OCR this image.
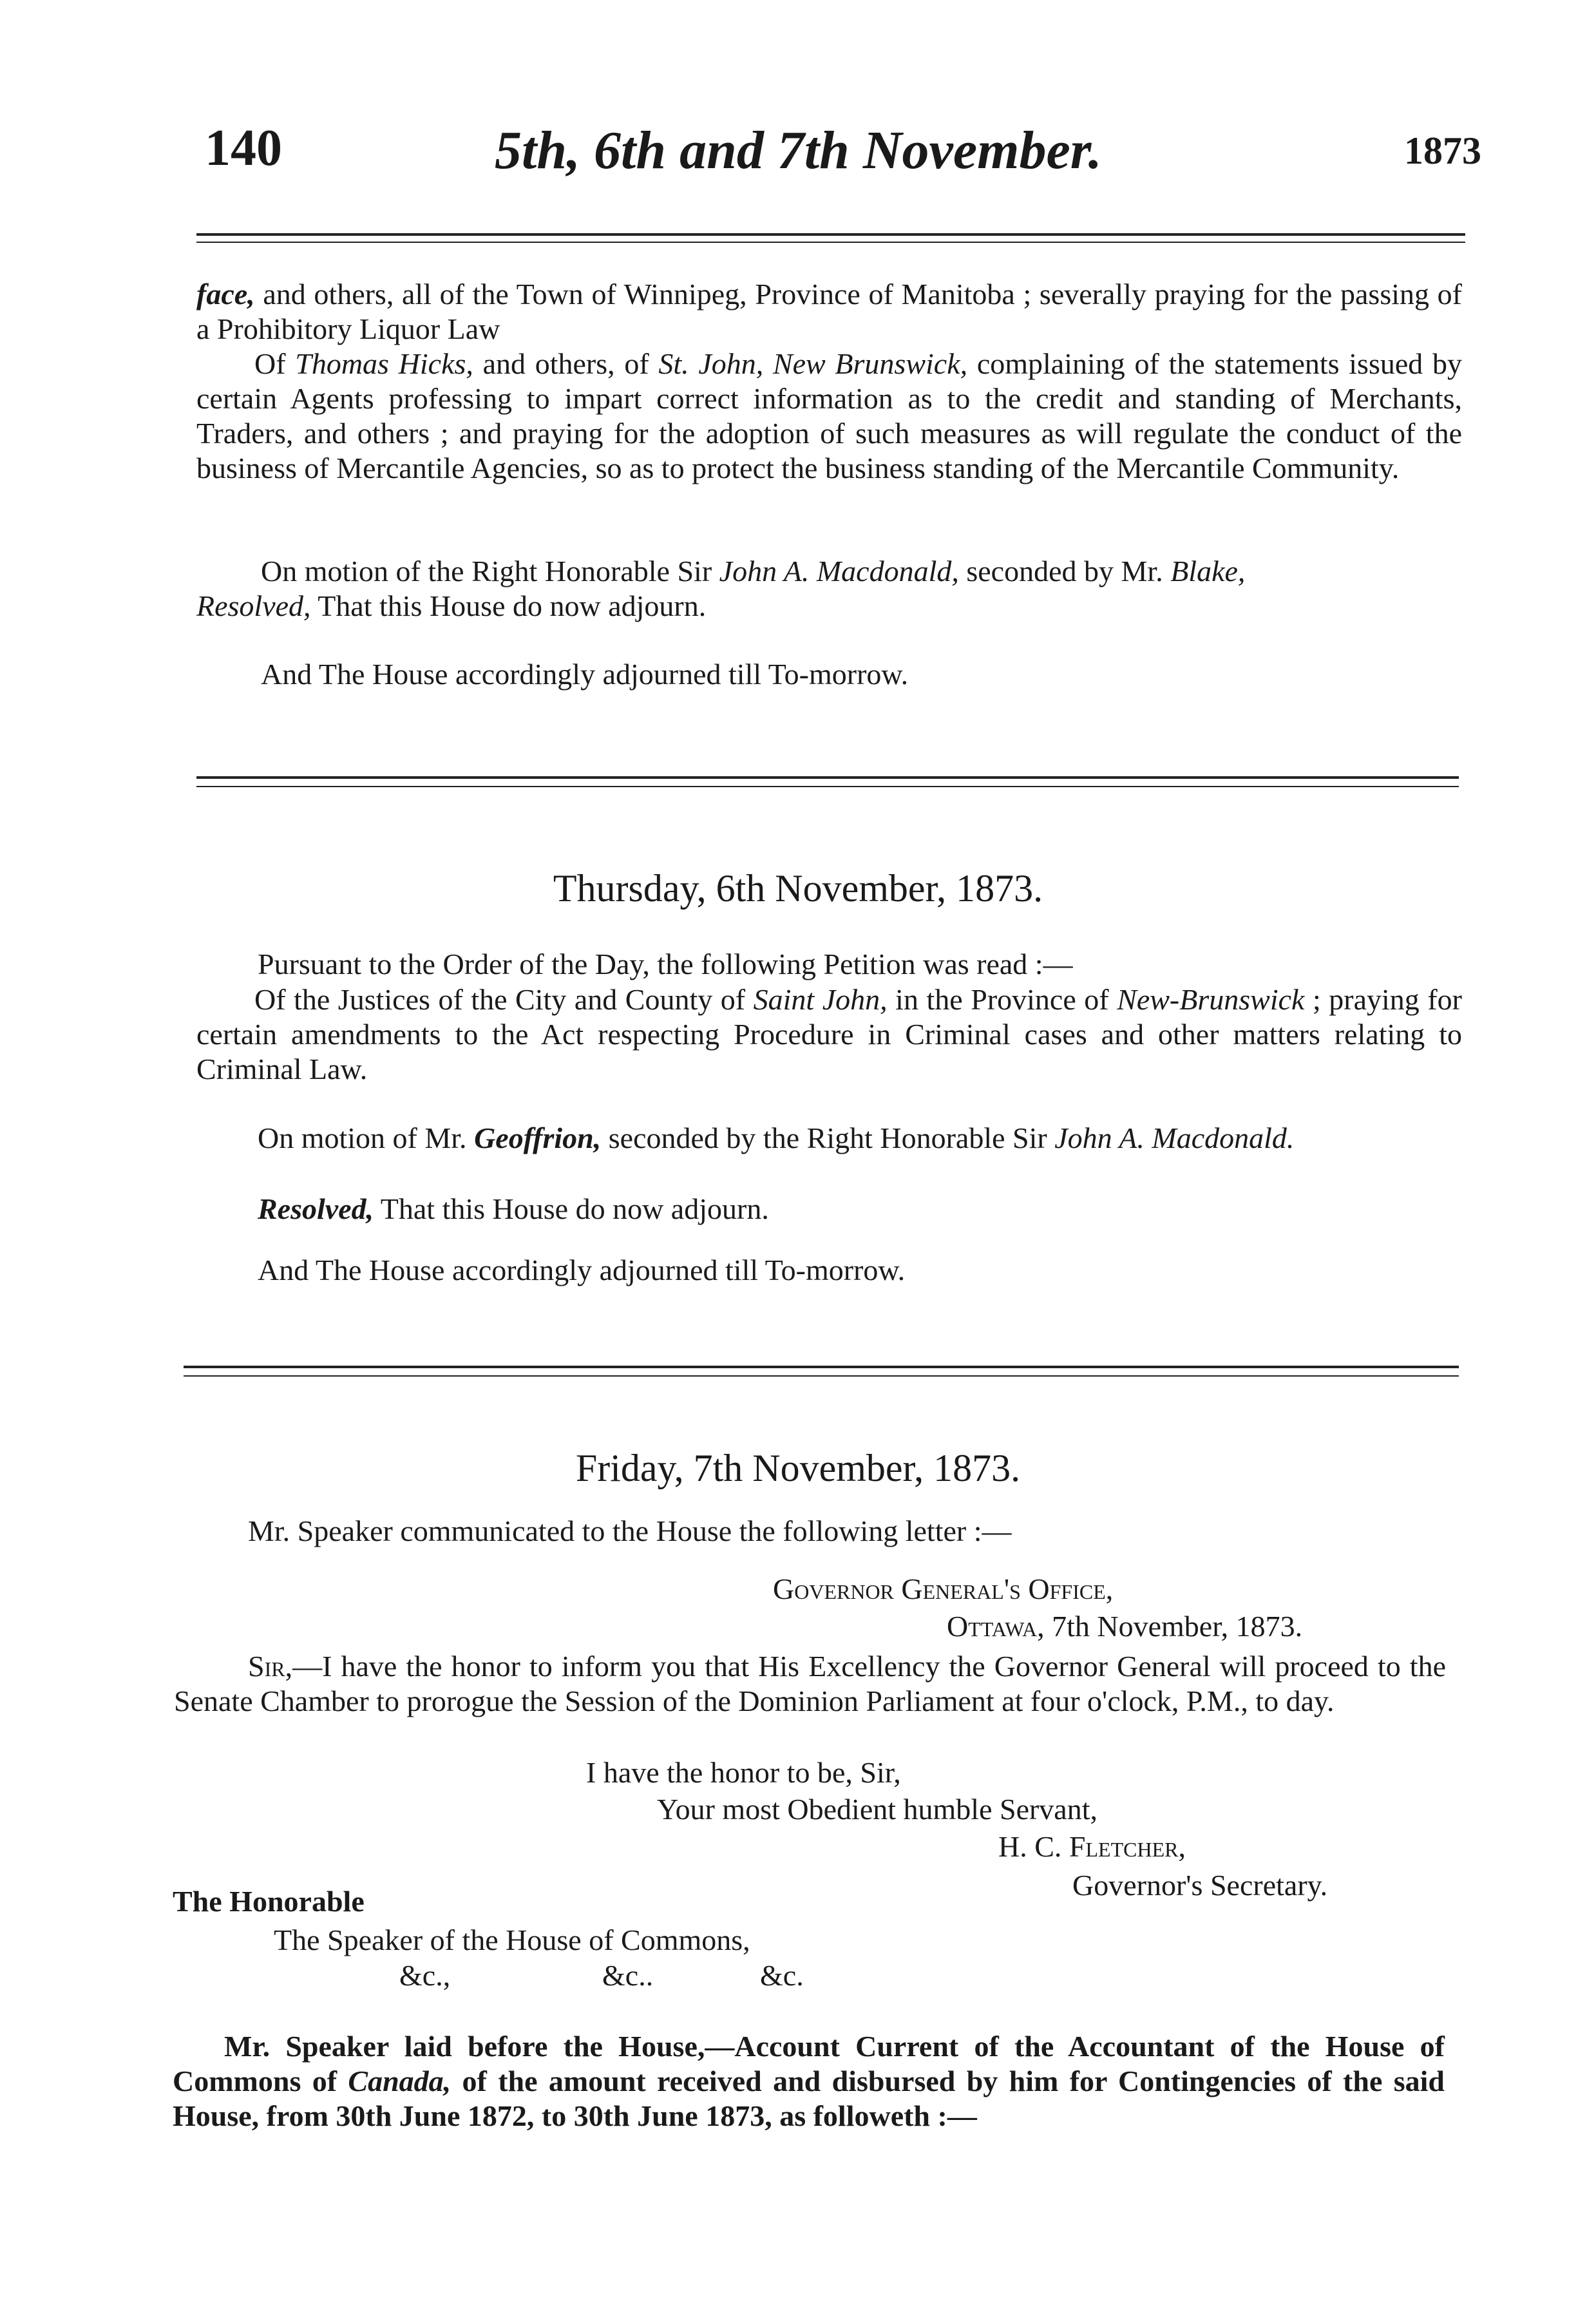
140	5th, 6th and 7th November.	1873

face, and others, all of the Town of Winnipeg, Province of Manitoba ; severally praying for the passing of a Prohibitory Liquor Law

Of Thomas Hicks, and others, of St. John, New Brunswick, complaining of the statements issued by certain Agents professing to impart correct information as to the credit and standing of Merchants, Traders, and others ; and praying for the adoption of such measures as will regulate the conduct of the business of Mercantile Agencies, so as to protect the business standing of the Mercantile Community.

On motion of the Right Honorable Sir John A. Macdonald, seconded by Mr. Blake,
Resolved, That this House do now adjourn.

And The House accordingly adjourned till To-morrow.
Thursday, 6th November, 1873.
Pursuant to the Order of the Day, the following Petition was read :—

Of the Justices of the City and County of Saint John, in the Province of New-Brunswick ; praying for certain amendments to the Act respecting Procedure in Criminal cases and other matters relating to Criminal Law.

On motion of Mr. Geoffrion, seconded by the Right Honorable Sir John A. Macdonald.

Resolved, That this House do now adjourn.
And The House accordingly adjourned till To-morrow.
Friday, 7th November, 1873.
Mr. Speaker communicated to the House the following letter :—
Governor General's Office,
Ottawa, 7th November, 1873.

Sir,—I have the honor to inform you that His Excellency the Governor General will proceed to the Senate Chamber to prorogue the Session of the Dominion Parliament at four o'clock, P.M., to day.

I have the honor to be, Sir,
Your most Obedient humble Servant,
H. C. Fletcher,
Governor's Secretary.
The Honorable
The Speaker of the House of Commons,
&c.,	&c..	&c.

Mr. Speaker laid before the House,—Account Current of the Accountant of the House of Commons of Canada, of the amount received and disbursed by him for Contingencies of the said House, from 30th June 1872, to 30th June 1873, as followeth :—
